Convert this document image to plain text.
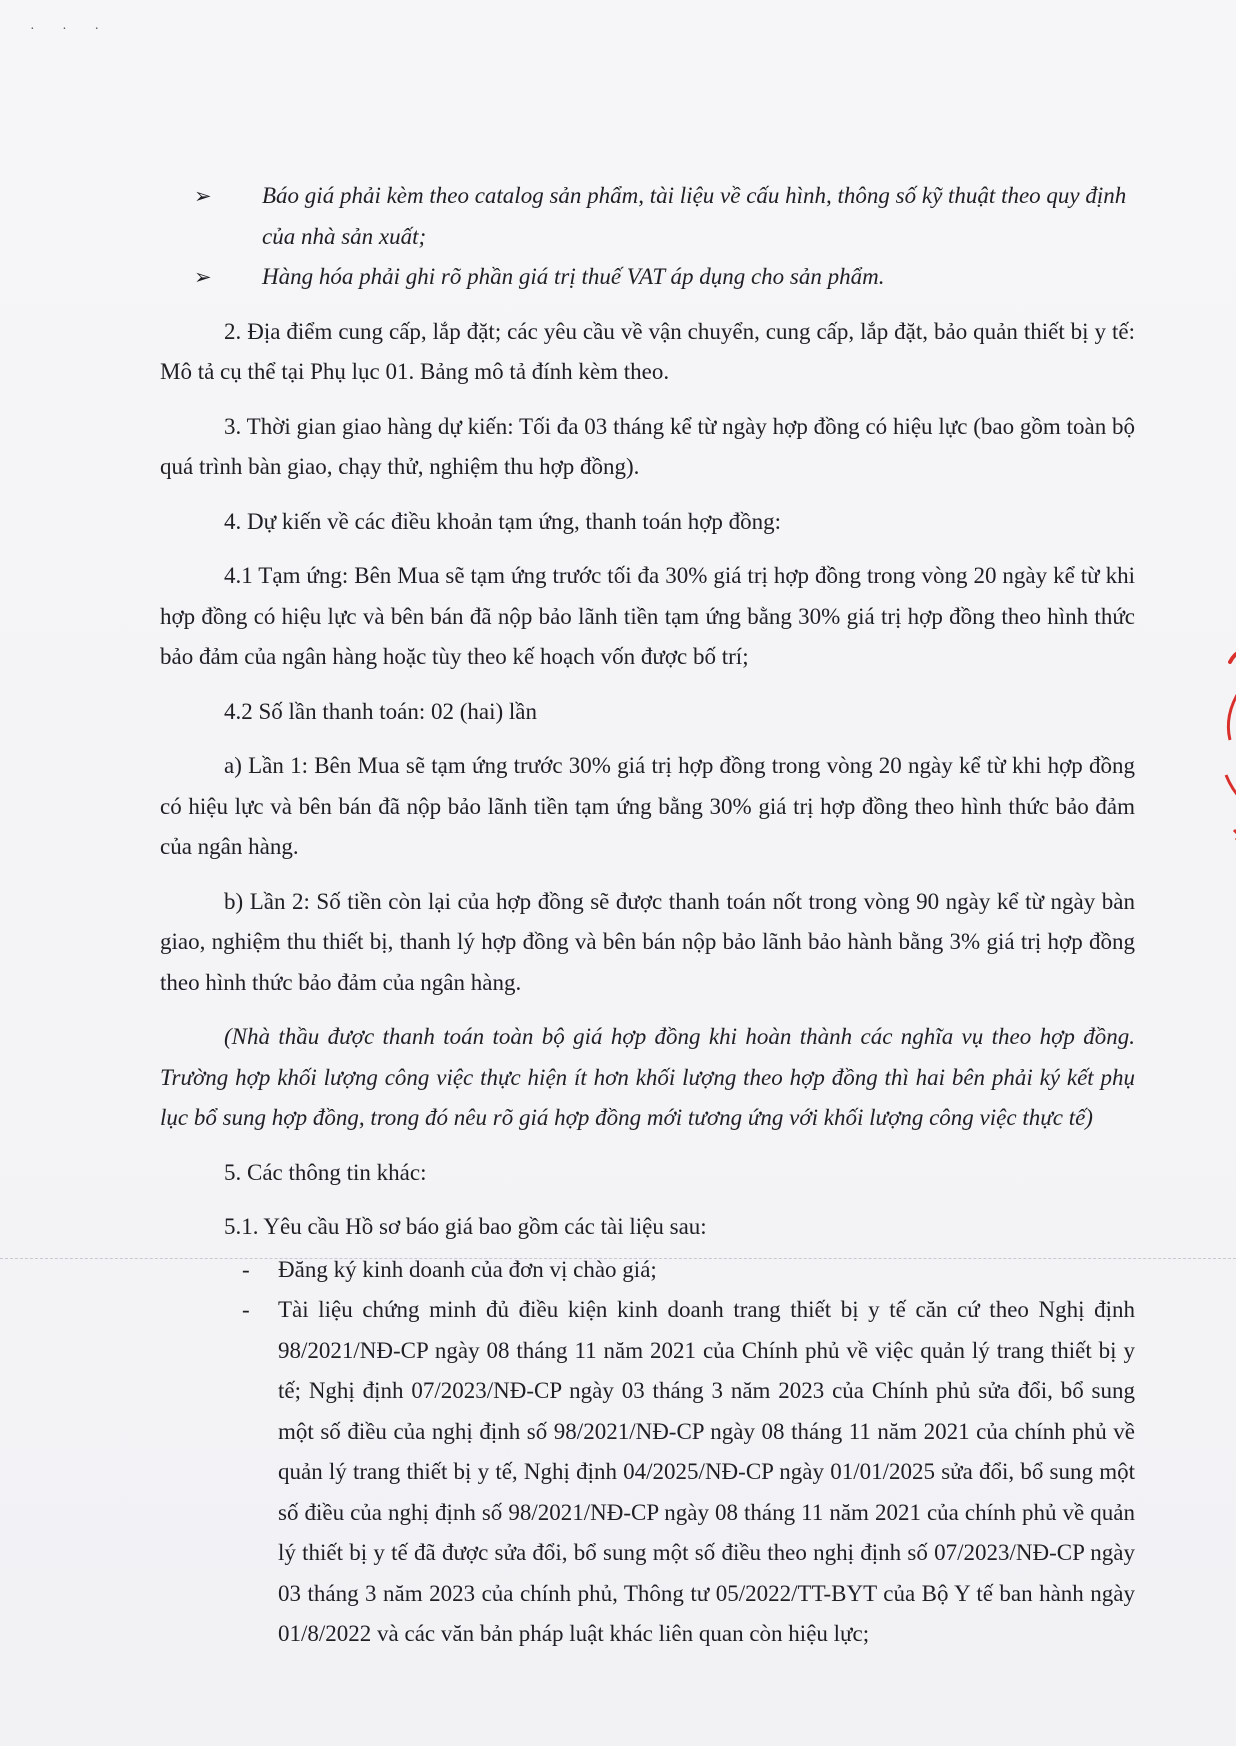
· · ·

➢ Báo giá phải kèm theo catalog sản phẩm, tài liệu về cấu hình, thông số kỹ thuật theo quy định của nhà sản xuất;

➢ Hàng hóa phải ghi rõ phần giá trị thuế VAT áp dụng cho sản phẩm.

2. Địa điểm cung cấp, lắp đặt; các yêu cầu về vận chuyển, cung cấp, lắp đặt, bảo quản thiết bị y tế: Mô tả cụ thể tại Phụ lục 01. Bảng mô tả đính kèm theo.

3. Thời gian giao hàng dự kiến: Tối đa 03 tháng kể từ ngày hợp đồng có hiệu lực (bao gồm toàn bộ quá trình bàn giao, chạy thử, nghiệm thu hợp đồng).

4. Dự kiến về các điều khoản tạm ứng, thanh toán hợp đồng:

4.1 Tạm ứng: Bên Mua sẽ tạm ứng trước tối đa 30% giá trị hợp đồng trong vòng 20 ngày kể từ khi hợp đồng có hiệu lực và bên bán đã nộp bảo lãnh tiền tạm ứng bằng 30% giá trị hợp đồng theo hình thức bảo đảm của ngân hàng hoặc tùy theo kế hoạch vốn được bố trí;

4.2 Số lần thanh toán: 02 (hai) lần

a) Lần 1: Bên Mua sẽ tạm ứng trước 30% giá trị hợp đồng trong vòng 20 ngày kể từ khi hợp đồng có hiệu lực và bên bán đã nộp bảo lãnh tiền tạm ứng bằng 30% giá trị hợp đồng theo hình thức bảo đảm của ngân hàng.

b) Lần 2: Số tiền còn lại của hợp đồng sẽ được thanh toán nốt trong vòng 90 ngày kể từ ngày bàn giao, nghiệm thu thiết bị, thanh lý hợp đồng và bên bán nộp bảo lãnh bảo hành bằng 3% giá trị hợp đồng theo hình thức bảo đảm của ngân hàng.

(Nhà thầu được thanh toán toàn bộ giá hợp đồng khi hoàn thành các nghĩa vụ theo hợp đồng. Trường hợp khối lượng công việc thực hiện ít hơn khối lượng theo hợp đồng thì hai bên phải ký kết phụ lục bổ sung hợp đồng, trong đó nêu rõ giá hợp đồng mới tương ứng với khối lượng công việc thực tế)

5. Các thông tin khác:

5.1. Yêu cầu Hồ sơ báo giá bao gồm các tài liệu sau:

- Đăng ký kinh doanh của đơn vị chào giá;
- Tài liệu chứng minh đủ điều kiện kinh doanh trang thiết bị y tế căn cứ theo Nghị định 98/2021/NĐ-CP ngày 08 tháng 11 năm 2021 của Chính phủ về việc quản lý trang thiết bị y tế; Nghị định 07/2023/NĐ-CP ngày 03 tháng 3 năm 2023 của Chính phủ sửa đổi, bổ sung một số điều của nghị định số 98/2021/NĐ-CP ngày 08 tháng 11 năm 2021 của chính phủ về quản lý trang thiết bị y tế, Nghị định 04/2025/NĐ-CP ngày 01/01/2025 sửa đổi, bổ sung một số điều của nghị định số 98/2021/NĐ-CP ngày 08 tháng 11 năm 2021 của chính phủ về quản lý thiết bị y tế đã được sửa đổi, bổ sung một số điều theo nghị định số 07/2023/NĐ-CP ngày 03 tháng 3 năm 2023 của chính phủ, Thông tư 05/2022/TT-BYT của Bộ Y tế ban hành ngày 01/8/2022 và các văn bản pháp luật khác liên quan còn hiệu lực;
